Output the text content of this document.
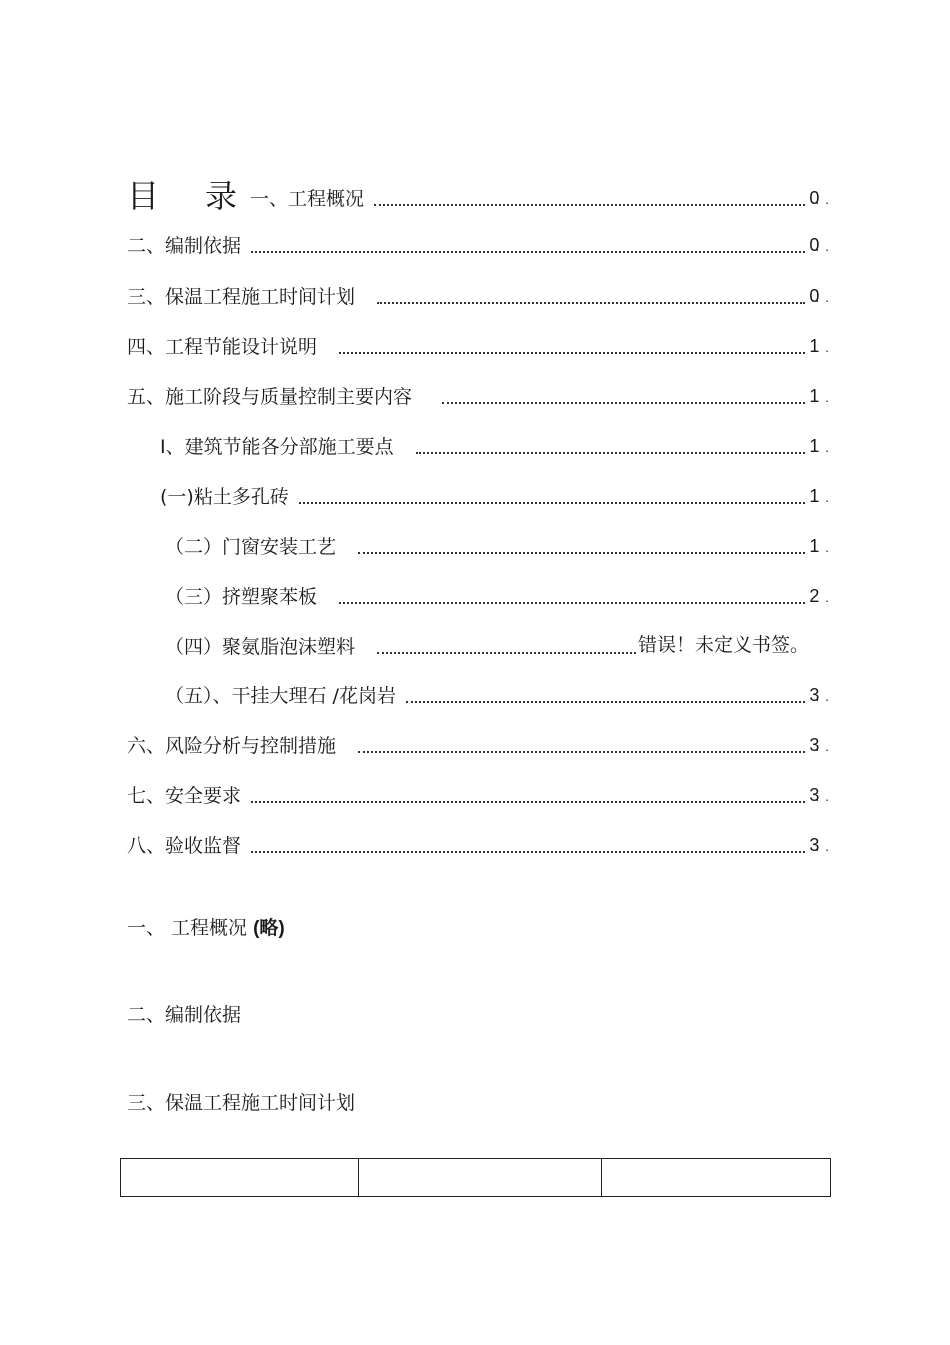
目 录 一、工程概况	0 . .
二、编制依据	0 . .
三、保温工程施工时间计划	0 . .
四、工程节能设计说明	1 . .
五、施工阶段与质量控制主要内容	1 . .
I、建筑节能各分部施工要点	1 . .
(一)粘土多孔砖	1 . .
（二）门窗安装工艺	1 . .
（三）挤塑聚苯板	2 . .
（四）聚氨脂泡沫塑料	错误！未定义书签。
（五）、干挂大理石 /花岗岩	3 . .
六、风险分析与控制措施	3 . .
七、安全要求	3 . .
八、验收监督	3 . .
一、 工程概况 (略)
二、编制依据
三、保温工程施工时间计划
